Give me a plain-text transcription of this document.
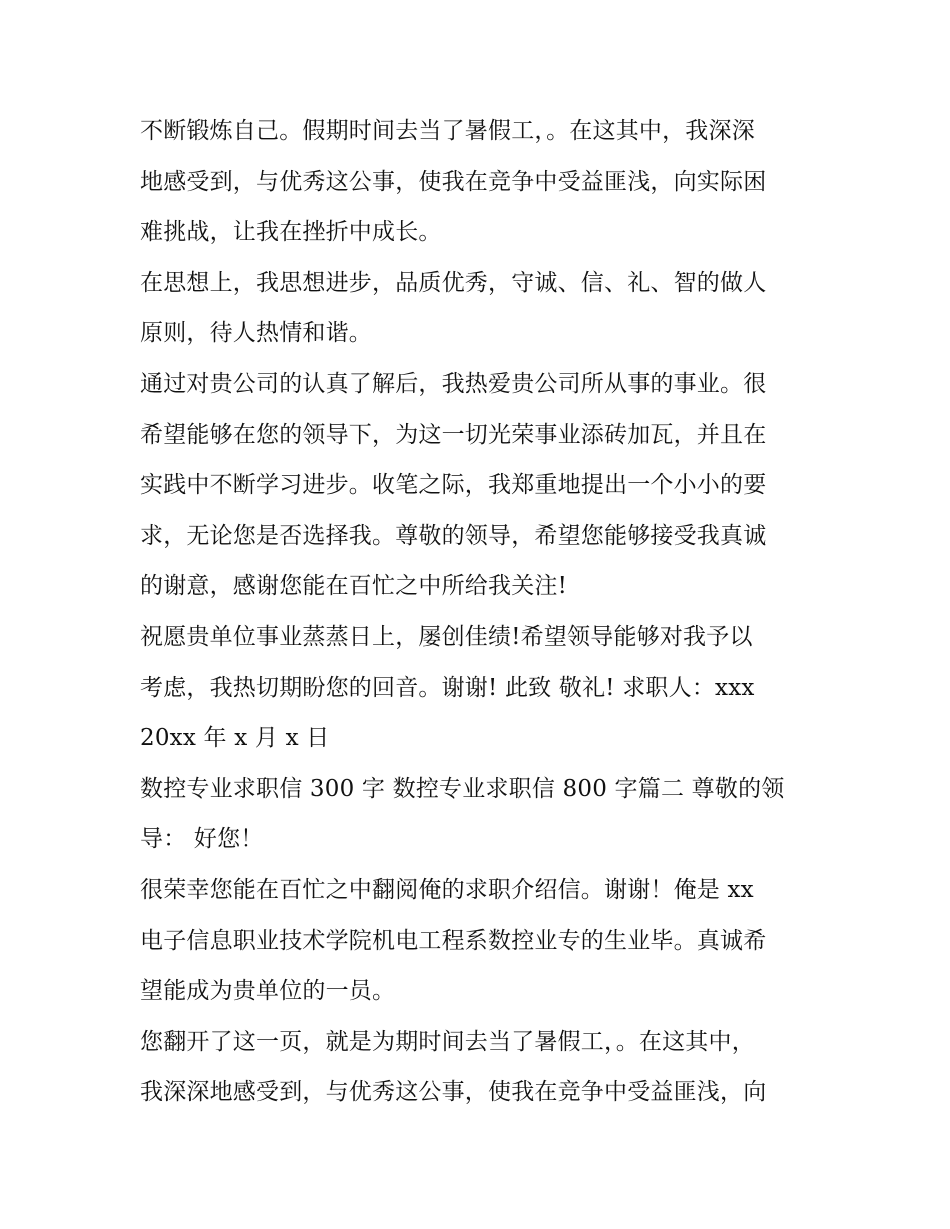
不断锻炼自己。假期时间去当了暑假工，。在这其中，我深深
地感受到，与优秀这公事，使我在竞争中受益匪浅，向实际困
难挑战，让我在挫折中成长。
在思想上，我思想进步，品质优秀，守诚、信、礼、智的做人
原则，待人热情和谐。
通过对贵公司的认真了解后，我热爱贵公司所从事的事业。很
希望能够在您的领导下，为这一切光荣事业添砖加瓦，并且在
实践中不断学习进步。收笔之际，我郑重地提出一个小小的要
求，无论您是否选择我。尊敬的领导，希望您能够接受我真诚
的谢意，感谢您能在百忙之中所给我关注!
祝愿贵单位事业蒸蒸日上，屡创佳绩!希望领导能够对我予以
考虑，我热切期盼您的回音。谢谢! 此致 敬礼! 求职人：xxx
20xx 年 x 月 x 日
数控专业求职信 300 字 数控专业求职信 800 字篇二 尊敬的领
导： 好您！
很荣幸您能在百忙之中翻阅俺的求职介绍信。谢谢！俺是 xx
电子信息职业技术学院机电工程系数控业专的生业毕。真诚希
望能成为贵单位的一员。
您翻开了这一页，就是为期时间去当了暑假工，。在这其中，
我深深地感受到，与优秀这公事，使我在竞争中受益匪浅，向
